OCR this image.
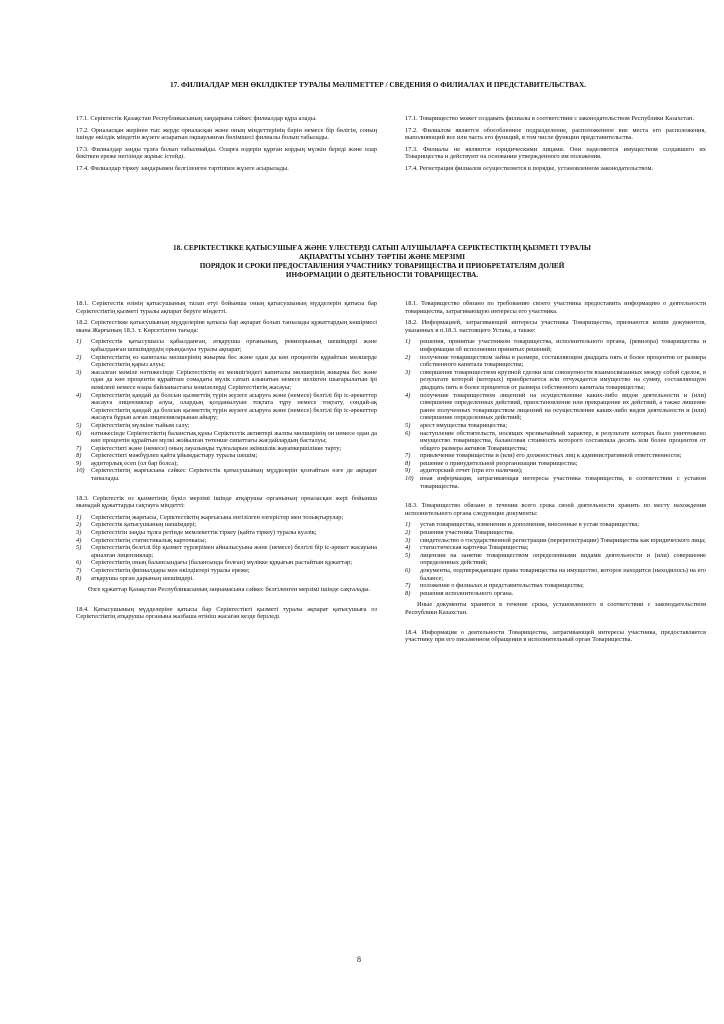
17. ФИЛИАЛДАР МЕН ӨКІЛДІКТЕР ТУРАЛЫ МӘЛІМЕТТЕР / СВЕДЕНИЯ О ФИЛИАЛАХ И ПРЕДСТАВИТЕЛЬСТВАХ.

17.1. Серіктестік Қазақстан Республикасының заңдарына сәйкес филиалдар құра алады.

17.2. Орналасқан жерінен тыс жерде орналасқан және оның міндеттерінің бәрін немесе бір бөлігін, соның ішінде өкілдік міндетін жүзеге асыратын оқшауланған бөлімшесі филиалы болып табылады.

17.3. Филиалдар заңды тұлға болып табылмайды. Оларға өздерін құрған кордың мүлкін береді және олар бекіткен ереже негізінде жұмыс істейді.

17.4. Филиалдар тіркеу заңдарымен белгіленген тәртіппен жүзеге асырылады.

17.1. Товарищество может создавать филиалы в соответствии с законодательством Республики Казахстан.

17.2. Филиалом является обособленное подразделение, расположенное вне места его расположения, выполняющий все или часть его функций, в том числе функции представительства.

17.3. Филиалы не являются юридическими лицами. Они наделяются имуществом создавшего их Товарищества и действуют на основании утвержденного им положения.

17.4. Регистрация филиалов осуществляется в порядке, установленном законодательством.

18. СЕРІКТЕСТІККЕ ҚАТЫСУШЫҒА ЖӘНЕ ҮЛЕСТЕРДІ САТЫП АЛУШЫЛАРҒА СЕРІКТЕСТІКТІҢ ҚЫЗМЕТІ ТУРАЛЫ
АҚПАРАТТЫ ҰСЫНУ ТӘРТІБІ ЖӘНЕ МЕРЗІМІ
ПОРЯДОК И СРОКИ ПРЕДОСТАВЛЕНИЯ УЧАСТНИКУ ТОВАРИЩЕСТВА И ПРИОБРЕТАТЕЛЯМ ДОЛЕЙ
ИНФОРМАЦИИ О ДЕЯТЕЛЬНОСТИ ТОВАРИЩЕСТВА.

18.1. Серіктестік өзінің қатысушының талап етуі бойынша оның қатысушының мүдделерін қатысы бар Серіктестіктің қызметі туралы ақпарат беруге міндетті.

18.2. Серіктестікке қатысушының мүдделеріне қатысы бар ақпарат болып танылады құжаттардың көшірмесі мына Жарғының 18.3. т. Көрсетілген тағыда:

1) Серіктестік қатысушысы қабылданған, атқарушы органының, ревизорының шешімдері және қабылданған шешімдердің орындалуы туралы ақпарат;
2) Серіктестіктің өз капиталы мөлшерінің жиырма бес және одан да көп процентін құрайтын мөлшерде Серіктестіктің қарыз алуы;
3) жасалған мәміле нәтижесінде Серіктестіктің өз меншігіндегі капиталы мөлшерінің жиырма бес және одан да көп процентін құрайтын сомадағы мүлік сатып алынатын немесе иеліктен шығарылатын ірі мәмілені немесе өзара байланыстағы мәмілелерді Серіктестіктің жасауы;
4) Серіктестіктің қандай да болсын қызметтің түрін жүзеге асыруға және (немесе) белгілі бір іс-әрекеттер жасауға лицензиялар алуы, олардың қолданылуын тоқтата тұру немесе тоқтату, сондай-ақ Серіктестіктің қандай да болсын қызметтің түрін жүзеге асыруға және (немесе) белгілі бір іс-әрекеттер жасауға бұрын алған лицензияларынан айыру;
5) Серіктестіктің мүлкіне тыйым салу;
6) нәтижесінде Серіктестіктің баланстық құны Серіктестік активтері жалпы мөлшерінің он немесе одан да көп процентін құрайтын мүлкі жойылған төтенше сипаттағы жағдайлардың басталуы;
7) Серіктестікті және (немесе) оның лауазымды тұлғаларын әкімшілік жауапкершілікке тарту;
8) Серіктестікті мәжбүрлеп қайта ұйымдастыру туралы шешім;
9) аудиторлық есеп (ол бар болса);
10) Серіктестіктің жарғысына сәйкес Серіктестік қатысушының мүдделерін қозғайтын өзге де ақпарат танылады.

18.3. Серіктестік өз қызметінің бүкіл мерзімі ішінде атқарушы органының орналасқан жері бойынша мынадай құжаттарды сақтауға міндетті:

1) Серіктестіктің жарғысы, Серіктестіктің жарғысына енгізілген өзгерістер мен толықтырулар;
2) Серіктестік қатысушының шешімдері;
3) Серіктестігін заңды тұлға ретінде мемлекеттік тіркеу (қайта тіркеу) туралы куәлік;
4) Серіктестіктің статистикалық карточкасы;
5) Серіктестіктің белгілі бір қызмет түрлерімен айналысуына және (немесе) белгілі бір іс-әрекет жасауына арналған лицензиялар;
6) Серіктестіктің оның балансындағы (балансында болған) мүлікке құқығын растайтын құжаттар;
7) Серіктестіктің филиалдары мен өкілдіктері туралы ереже;
8) атқарушы орган дарының шешімдері.

Өзге құжаттар Қазақстан Республикасының заңнамасына сәйкес белгіленген мерзімі ішінде сақталады.

18.4. Қатысушының мүдделеріне қатысы бар Серіктестікті қызметі туралы ақпарат қатысушыға оз Серіктестіктің атқарушы органына жазбаша өтініш жасаған кезде беріледі.

18.1. Товарищество обязано по требованию своего участника предоставить информацию о деятельности товарищества, затрагивающую интересы его участника.

18.2. Информацией, затрагивающей интересы участника Товарищества, признаются копии документов, указанных в п.18.3. настоящего Устава, а также:

1) решения, принятые участником товарищества, исполнительного органа, (ревизора) товарищества и информация об исполнении принятых решений;
2) получение товариществом займа в размере, составляющем двадцать пять и более процентов от размера собственного капитала товарищества;
3) совершение товариществом крупной сделки или совокупности взаимосвязанных между собой сделок, в результате которой (которых) приобретается или отчуждается имущество на сумму, составляющую двадцать пять и более процентов от размера собственного капитала товарищества;
4) получение товариществом лицензий на осуществление каких-либо видов деятельности и (или) совершение определенных действий, приостановление или прекращение их действий, а также лишение ранее полученных товариществом лицензий на осуществление каких-либо видов деятельности и (или) совершение определенных действий;
5) арест имущества товарищества;
6) наступление обстоятельств, носящих чрезвычайный характер, в результате которых было уничтожено имущество товарищества, балансовая стоимость которого составляла десять или более процентов от общего размера активов Товарищества;
7) привлечение товарищества и (или) его должностных лиц к административной ответственности;
8) решение о принудительной реорганизации товарищества;
9) аудиторский отчет (при его наличии);
10) иная информация, затрагивающая интересы участника товарищества, в соответствии с уставом товарищества.

18.3. Товарищество обязано в течении всего срока своей деятельности хранить по месту нахождения исполнительного органа следующие документы:

1) устав товарищества, изменения и дополнения, внесенные в устав товарищества;
2) решения участника Товарищества.
3) свидетельство о государственной регистрации (перерегистрации) Товарищества как юридического лица;
4) статистическая карточка Товарищества;
5) лицензии на занятие товариществом определенными видами деятельности и (или) совершение определенных действий;
6) документы, подтверждающие права товарищества на имущество, которое находится (находилось) на его балансе;
7) положение о филиалах и представительствах товарищества;
8) решения исполнительного органа.

Иные документы хранятся в течение срока, установленного в соответствии с законодательством Республики Казахстан.

18.4. Информация о деятельности Товарищества, затрагивающей интересы участника, предоставляется участнику при его письменном обращении в исполнительный орган Товарищества.

8
